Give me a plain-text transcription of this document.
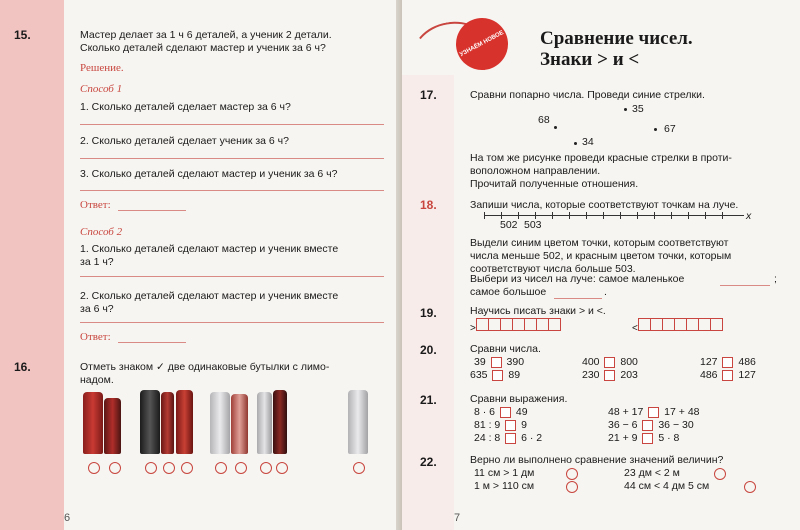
15.	Мастер делает за 1 ч 6 деталей, а ученик 2 детали.
Сколько деталей сделают мастер и ученик за 6 ч?
Решение.
Способ 1
1. Сколько деталей сделает мастер за 6 ч?
2. Сколько деталей сделает ученик за 6 ч?
3. Сколько деталей сделают мастер и ученик за 6 ч?
Ответ:
Способ 2
1. Сколько деталей сделают мастер и ученик вместе
за 1 ч?
2. Сколько деталей сделают мастер и ученик вместе
за 6 ч?
Ответ:
16.	Отметь знаком ✓ две одинаковые бутылки с лимо-
надом.
6
УЗНАЁМ НОВОЕ	Сравнение чисел.
Знаки > и <
17.	Сравни попарно числа. Проведи синие стрелки.
35
68
67
34
На том же рисунке проведи красные стрелки в проти-
воположном направлении.
Прочитай полученные отношения.
18.	Запиши числа, которые соответствуют точкам на луче.
x
502 503
Выдели синим цветом точки, которым соответствуют
числа меньше 502, и красным цветом точки, которым
соответствуют числа больше 503.
Выбери из чисел на луче: самое маленькое	;
самое большое	.
19.	Научись писать знаки > и <.
>	<
20.	Сравни числа.
39 390	400 800	127 486
635 89	230 203	486 127
21.	Сравни выражения.
8 · 6 49	48 + 17 17 + 48
81 : 9 9	36 − 6 36 − 30
24 : 8 6 · 2	21 + 9 5 · 8
22.	Верно ли выполнено сравнение значений величин?
11 см > 1 дм	23 дм < 2 м
1 м > 110 см	44 см < 4 дм 5 см
7
